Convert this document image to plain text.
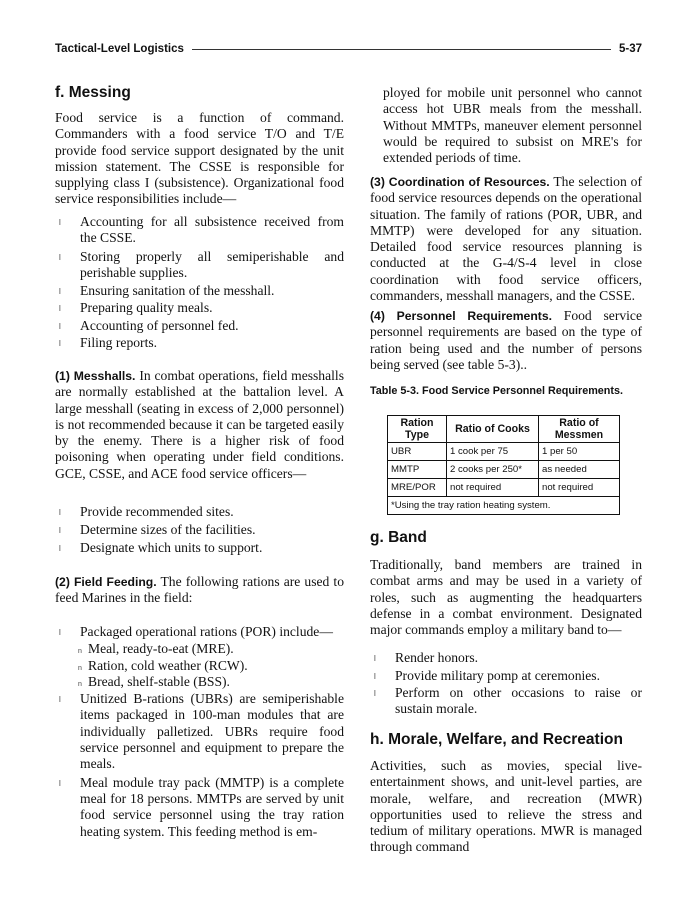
Tactical-Level Logistics	5-37
f. Messing
Food service is a function of command. Commanders with a food service T/O and T/E provide food service support designated by the unit mission statement. The CSSE is responsible for supplying class I (subsistence). Organizational food service responsibilities include—
l Accounting for all subsistence received from the CSSE.
l Storing properly all semiperishable and perishable supplies.
l Ensuring sanitation of the messhall.
l Preparing quality meals.
l Accounting of personnel fed.
l Filing reports.
(1) Messhalls. In combat operations, field messhalls are normally established at the battalion level. A large messhall (seating in excess of 2,000 personnel) is not recommended because it can be targeted easily by the enemy. There is a higher risk of food poisoning when operating under field conditions. GCE, CSSE, and ACE food service officers—
l Provide recommended sites.
l Determine sizes of the facilities.
l Designate which units to support.
(2) Field Feeding. The following rations are used to feed Marines in the field:
l Packaged operational rations (POR) include—
n Meal, ready-to-eat (MRE).
n Ration, cold weather (RCW).
n Bread, shelf-stable (BSS).
l Unitized B-rations (UBRs) are semiperishable items packaged in 100-man modules that are individually palletized. UBRs require food service personnel and equipment to prepare the meals.
l Meal module tray pack (MMTP) is a complete meal for 18 persons. MMTPs are served by unit food service personnel using the tray ration heating system. This feeding method is em-
ployed for mobile unit personnel who cannot access hot UBR meals from the messhall. Without MMTPs, maneuver element personnel would be required to subsist on MRE's for extended periods of time.
(3) Coordination of Resources. The selection of food service resources depends on the operational situation. The family of rations (POR, UBR, and MMTP) were developed for any situation. Detailed food service resources planning is conducted at the G-4/S-4 level in close coordination with food service officers, commanders, messhall managers, and the CSSE.
(4) Personnel Requirements. Food service personnel requirements are based on the type of ration being used and the number of persons being served (see table 5-3)..
Table 5-3. Food Service Personnel Requirements.
Ration Type	Ratio of Cooks	Ratio of Messmen
UBR	1 cook per 75	1 per 50
MMTP	2 cooks per 250*	as needed
MRE/POR	not required	not required
*Using the tray ration heating system.		
g. Band
Traditionally, band members are trained in combat arms and may be used in a variety of roles, such as augmenting the headquarters defense in a combat environment. Designated major commands employ a military band to—
l Render honors.
l Provide military pomp at ceremonies.
l Perform on other occasions to raise or sustain morale.
h. Morale, Welfare, and Recreation
Activities, such as movies, special live-entertainment shows, and unit-level parties, are morale, welfare, and recreation (MWR) opportunities used to relieve the stress and tedium of military operations. MWR is managed through command
